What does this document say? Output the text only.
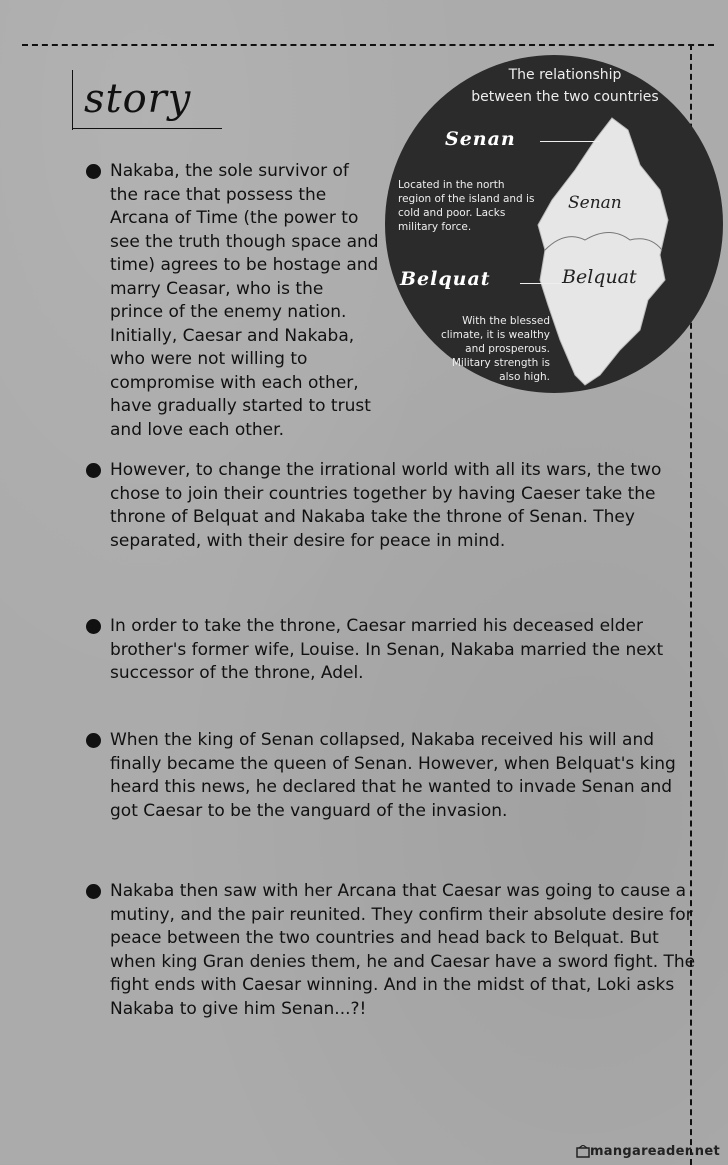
story
The relationship
between the two countries
Senan
Located in the north region of the island and is cold and poor. Lacks military force.
Belquat
With the blessed climate, it is wealthy and prosperous. Military strength is also high.
Senan
Belquat
Nakaba, the sole survivor of the race that possess the Arcana of Time (the power to see the truth though space and time) agrees to be hostage and marry Ceasar, who is the prince of the enemy nation. Initially, Caesar and Nakaba, who were not willing to compromise with each other, have gradually started to trust and love each other.
However, to change the irrational world with all its wars, the two chose to join their countries together by having Caeser take the throne of Belquat and Nakaba take the throne of Senan. They separated, with their desire for peace in mind.
In order to take the throne, Caesar married his deceased elder brother's former wife, Louise. In Senan, Nakaba married the next successor of the throne, Adel.
When the king of Senan collapsed, Nakaba received his will and finally became the queen of Senan. However, when Belquat's king heard this news, he declared that he wanted to invade Senan and got Caesar to be the vanguard of the invasion.
Nakaba then saw with her Arcana that Caesar was going to cause a mutiny, and the pair reunited. They confirm their absolute desire for peace between the two countries and head back to Belquat. But when king Gran denies them, he and Caesar have a sword fight. The fight ends with Caesar winning. And in the midst of that, Loki asks Nakaba to give him Senan...?!
mangareader.net
